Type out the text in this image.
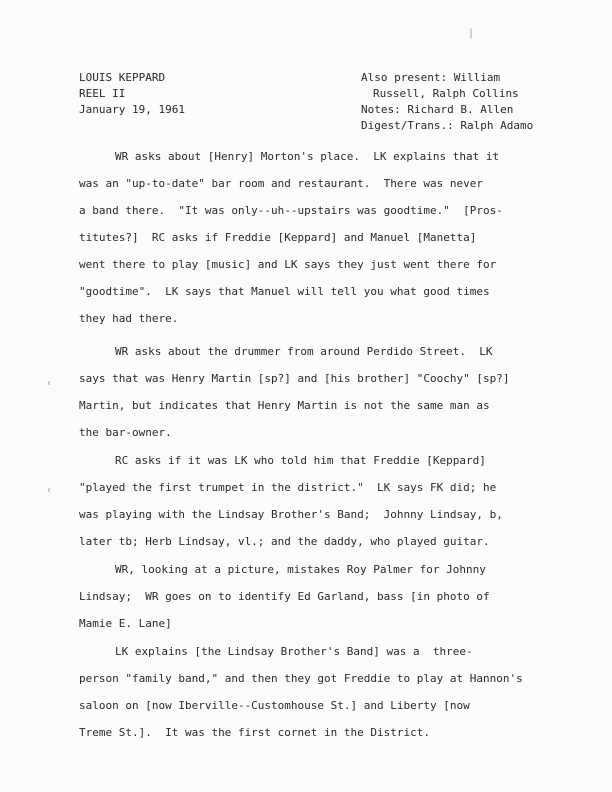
|
‹
‹
LOUIS KEPPARD
REEL II
January 19, 1961
Also present: William
Russell, Ralph Collins
Notes: Richard B. Allen
Digest/Trans.: Ralph Adamo
WR asks about [Henry] Morton's place.  LK explains that it
was an "up-to-date" bar room and restaurant.  There was never
a band there.  "It was only--uh--upstairs was goodtime."  [Pros-
titutes?]  RC asks if Freddie [Keppard] and Manuel [Manetta]
went there to play [music] and LK says they just went there for
"goodtime".  LK says that Manuel will tell you what good times
they had there.
WR asks about the drummer from around Perdido Street.  LK
says that was Henry Martin [sp?] and [his brother] "Coochy" [sp?]
Martin, but indicates that Henry Martin is not the same man as
the bar-owner.
RC asks if it was LK who told him that Freddie [Keppard]
"played the first trumpet in the district."  LK says FK did; he
was playing with the Lindsay Brother's Band;  Johnny Lindsay, b,
later tb; Herb Lindsay, vl.; and the daddy, who played guitar.
WR, looking at a picture, mistakes Roy Palmer for Johnny
Lindsay;  WR goes on to identify Ed Garland, bass [in photo of
Mamie E. Lane]
LK explains [the Lindsay Brother's Band] was a  three-
person "family band," and then they got Freddie to play at Hannon's
saloon on [now Iberville--Customhouse St.] and Liberty [now
Treme St.].  It was the first cornet in the District.
